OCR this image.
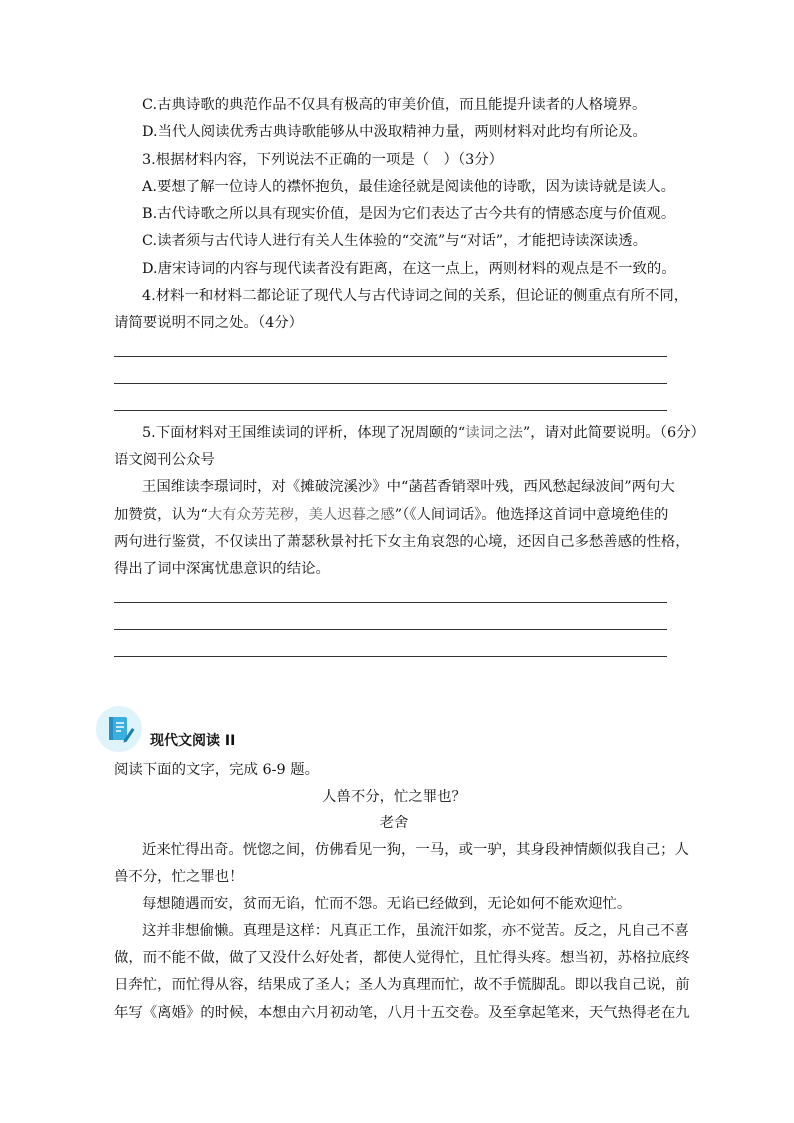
C.古典诗歌的典范作品不仅具有极高的审美价值，而且能提升读者的人格境界。
D.当代人阅读优秀古典诗歌能够从中汲取精神力量，两则材料对此均有所论及。
3.根据材料内容，下列说法不正确的一项是（　）（3分）
A.要想了解一位诗人的襟怀抱负，最佳途径就是阅读他的诗歌，因为读诗就是读人。
B.古代诗歌之所以具有现实价值，是因为它们表达了古今共有的情感态度与价值观。
C.读者须与古代诗人进行有关人生体验的“交流”与“对话”，才能把诗读深读透。
D.唐宋诗词的内容与现代读者没有距离，在这一点上，两则材料的观点是不一致的。
4.材料一和材料二都论证了现代人与古代诗词之间的关系，但论证的侧重点有所不同，
请简要说明不同之处。（4分）
5.下面材料对王国维读词的评析，体现了况周颐的“读词之法”，请对此简要说明。（6分）
语文阅刊公众号
王国维读李璟词时，对《摊破浣溪沙》中“菡萏香销翠叶残，西风愁起绿波间”两句大
加赞赏，认为“大有众芳芜秽，美人迟暮之感”（《人间词话》。他选择这首词中意境绝佳的
两句进行鉴赏，不仅读出了萧瑟秋景衬托下女主角哀怨的心境，还因自己多愁善感的性格，
得出了词中深寓忧患意识的结论。
现代文阅读 II
阅读下面的文字，完成 6-9 题。
人兽不分，忙之罪也？
老舍
近来忙得出奇。恍惚之间，仿佛看见一狗，一马，或一驴，其身段神情颇似我自己；人
兽不分，忙之罪也！
每想随遇而安，贫而无谄，忙而不怨。无谄已经做到，无论如何不能欢迎忙。
这并非想偷懒。真理是这样：凡真正工作，虽流汗如浆，亦不觉苦。反之，凡自己不喜
做，而不能不做，做了又没什么好处者，都使人觉得忙，且忙得头疼。想当初，苏格拉底终
日奔忙，而忙得从容，结果成了圣人；圣人为真理而忙，故不手慌脚乱。即以我自己说，前
年写《离婚》的时候，本想由六月初动笔，八月十五交卷。及至拿起笔来，天气热得老在九
